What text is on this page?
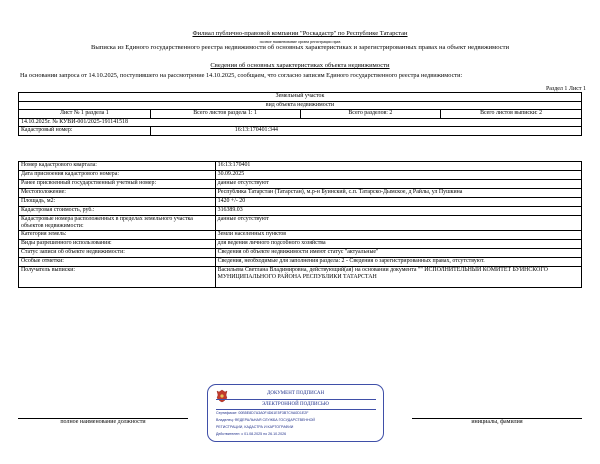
Филиал публично-правовой компании "Роскадастр" по Республике Татарстан
полное наименование органа регистрации прав
Выписка из Единого государственного реестра недвижимости об основных характеристиках и зарегистрированных правах на объект недвижимости
Сведения об основных характеристиках объекта недвижимости
На основании запроса от 14.10.2025, поступившего на рассмотрение 14.10.2025, сообщаем, что согласно записям Единого государственного реестра недвижимости:
Раздел 1 Лист 1
Земельный участок			
вид объекта недвижимости			
Лист № 1 раздела 1	Всего листов раздела 1: 1	Всего разделов: 2	Всего листов выписки: 2
14.10.2025г. № КУВИ-001/2025-191141518			
Кадастровый номер:	16:13:170401:344		
Номер кадастрового квартала:	16:13:170401
Дата присвоения кадастрового номера:	30.09.2025
Ранее присвоенный государственный учетный номер:	данные отсутствуют
Местоположение:	Республика Татарстан (Татарстан), м.р-н Буинский, с.п. Татарско-Дымское, д Райлы, ул Пушкина
Площадь, м2:	1420 +/- 20
Кадастровая стоимость, руб.:	316389.03
Кадастровые номера расположенных в пределах земельного участка объектов недвижимости:	данные отсутствуют
Категория земель:	Земли населенных пунктов
Виды разрешенного использования:	для ведения личного подсобного хозяйства
Статус записи об объекте недвижимости:	Сведения об объекте недвижимости имеют статус "актуальные"
Особые отметки:	Сведения, необходимые для заполнения раздела: 2 - Сведения о зарегистрированных правах, отсутствуют.
Получатель выписки:	Васильева Светлана Владимировна, действующий(ая) на основании документа "" ИСПОЛНИТЕЛЬНЫЙ КОМИТЕТ БУИНСКОГО МУНИЦИПАЛЬНОГО РАЙОНА РЕСПУБЛИКИ ТАТАРСТАН
полное наименование должности	инициалы, фамилия
ДОКУМЕНТ ПОДПИСАН
ЭЛЕКТРОННОЙ ПОДПИСЬЮ
Сертификат: 00B5E8D7A3A0F4D61E5F3B7C9A0D1E2F
Владелец: ФЕДЕРАЛЬНАЯ СЛУЖБА ГОСУДАРСТВЕННОЙ
РЕГИСТРАЦИИ, КАДАСТРА И КАРТОГРАФИИ
Действителен: с 01.08.2025 по 26.10.2026
